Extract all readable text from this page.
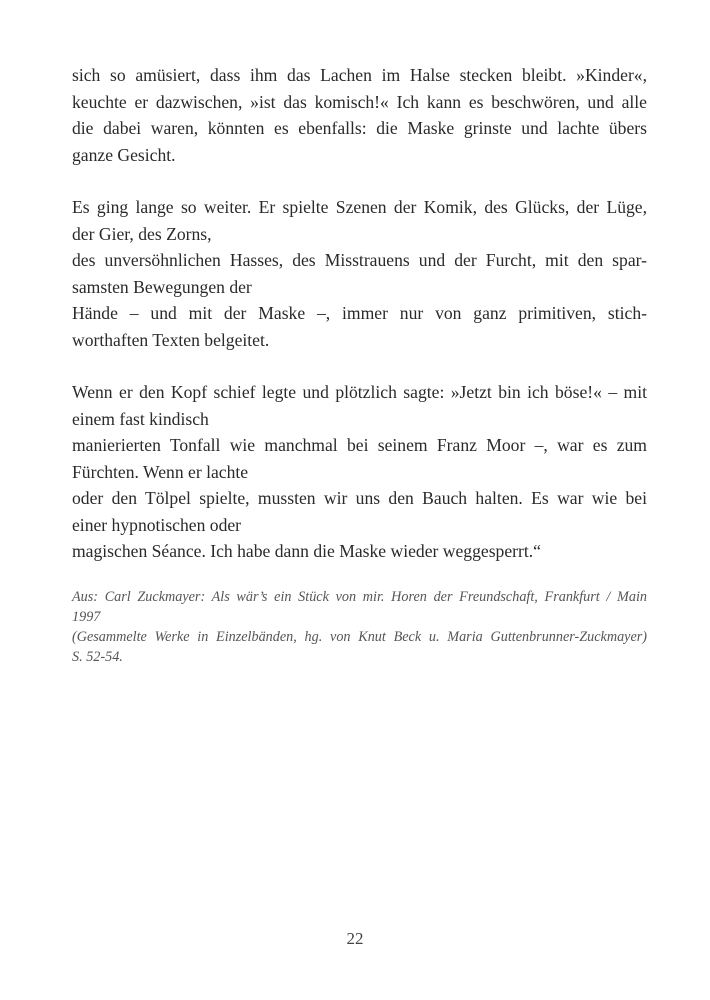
sich so amüsiert, dass ihm das Lachen im Halse stecken bleibt. »Kinder«,
keuchte er dazwischen, »ist das komisch!« Ich kann es beschwören, und alle
die dabei waren, könnten es ebenfalls: die Maske grinste und lachte übers
ganze Gesicht.
Es ging lange so weiter. Er spielte Szenen der Komik, des Glücks, der Lüge,
der Gier, des Zorns,
des unversöhnlichen Hasses, des Misstrauens und der Furcht, mit den spar-
samsten Bewegungen der
Hände – und mit der Maske –, immer nur von ganz primitiven, stich-
worthaften Texten belgeitet.
Wenn er den Kopf schief legte und plötzlich sagte: »Jetzt bin ich böse!« – mit
einem fast kindisch
manierierten Tonfall wie manchmal bei seinem Franz Moor –, war es zum
Fürchten. Wenn er lachte
oder den Tölpel spielte, mussten wir uns den Bauch halten. Es war wie bei
einer hypnotischen oder
magischen Séance. Ich habe dann die Maske wieder weggesperrt.“
Aus: Carl Zuckmayer: Als wär’s ein Stück von mir. Horen der Freundschaft, Frankfurt / Main
1997
(Gesammelte Werke in Einzelbänden, hg. von Knut Beck u. Maria Guttenbrunner-Zuckmayer)
S. 52-54.
22
